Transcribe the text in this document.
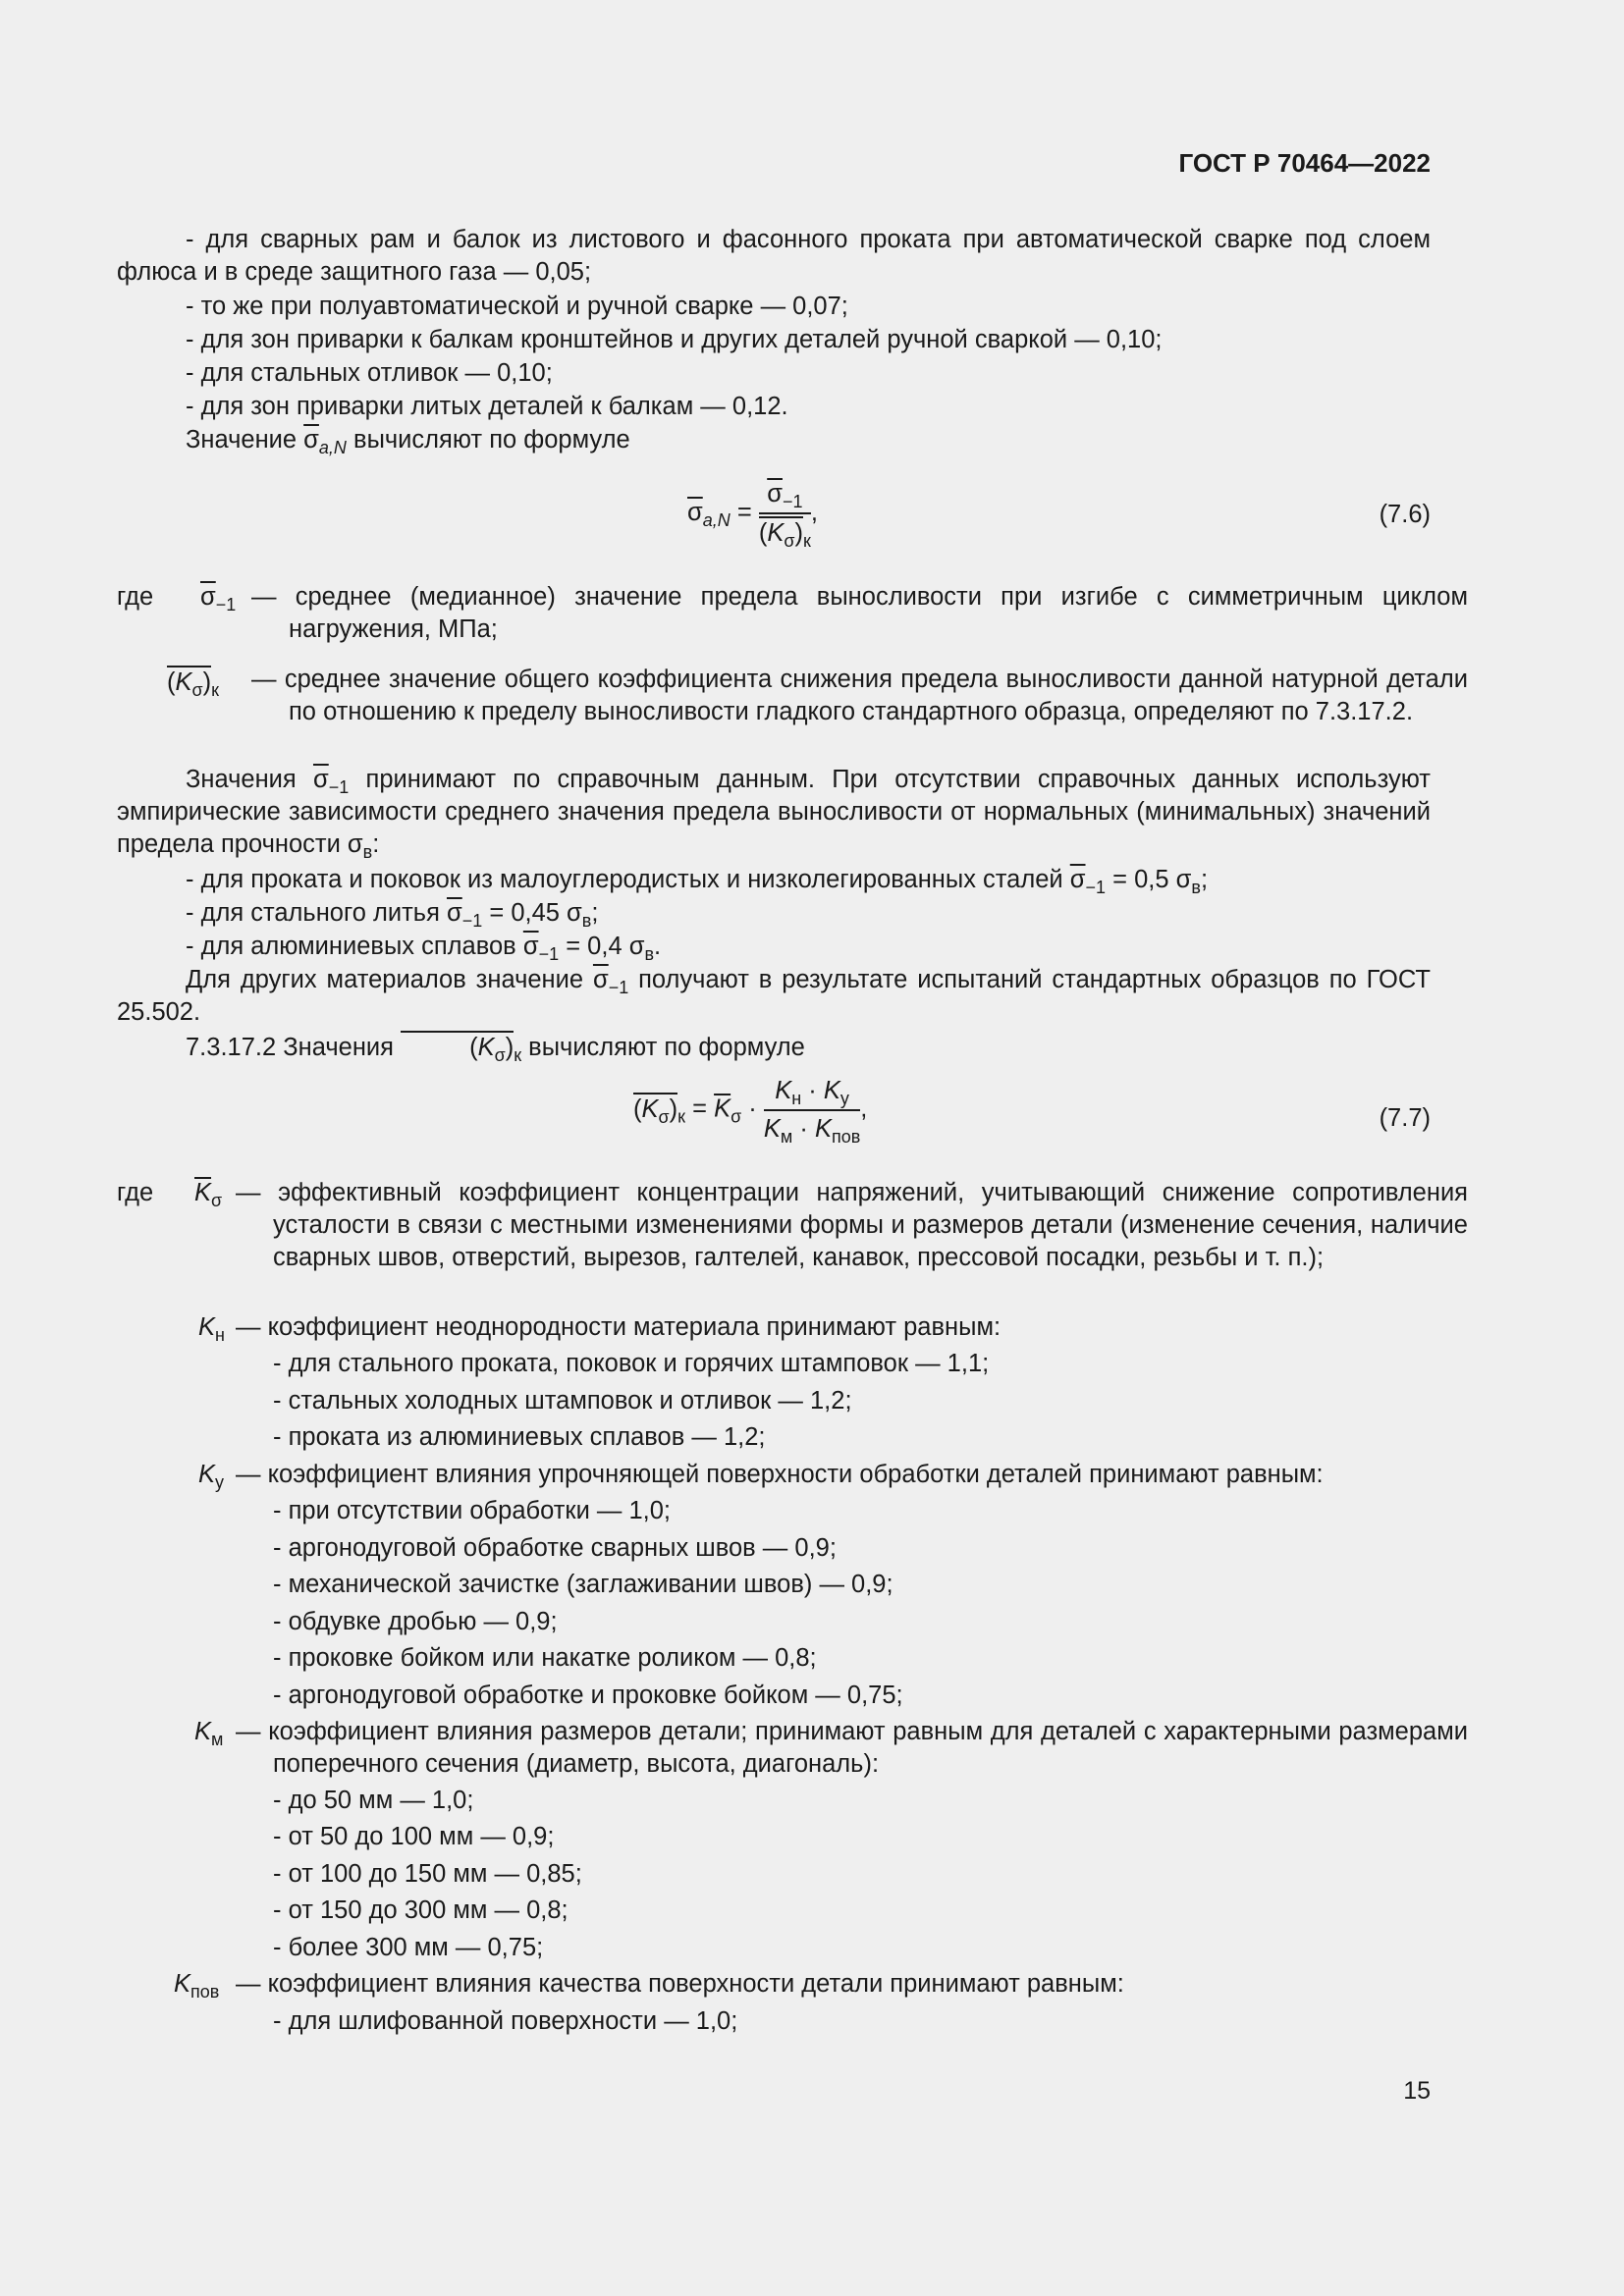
ГОСТ Р 70464—2022
- для сварных рам и балок из листового и фасонного проката при автоматической сварке под слоем флюса и в среде защитного газа — 0,05;
- то же при полуавтоматической и ручной сварке — 0,07;
- для зон приварки к балкам кронштейнов и других деталей ручной сваркой — 0,10;
- для стальных отливок — 0,10;
- для зон приварки литых деталей к балкам — 0,12.
Значение $\overline{\sigma}_{a,N}$ вычисляют по формуле
$\overline{\sigma}_{a,N} = \frac{\overline{\sigma}_{-1}}{(K_\sigma)_к}$ ,	(7.6)
где $\overline{\sigma}_{-1}$ — среднее (медианное) значение предела выносливости при изгибе с симметричным циклом нагружения, МПа;
$(K_\sigma)_к$ — среднее значение общего коэффициента снижения предела выносливости данной натурной детали по отношению к пределу выносливости гладкого стандартного образца, определяют по 7.3.17.2.
Значения $\overline{\sigma}_{-1}$ принимают по справочным данным. При отсутствии справочных данных используют эмпирические зависимости среднего значения предела выносливости от нормальных (минимальных) значений предела прочности $\sigma_в$:
- для проката и поковок из малоуглеродистых и низколегированных сталей $\overline{\sigma}_{-1} = 0,5$ $\sigma_в$;
- для стального литья $\overline{\sigma}_{-1} = 0,45$ $\sigma_в$;
- для алюминиевых сплавов $\overline{\sigma}_{-1} = 0,4$ $\sigma_в$.
Для других материалов значение $\overline{\sigma}_{-1}$ получают в результате испытаний стандартных образцов по ГОСТ 25.502.
7.3.17.2 Значения	$(K_\sigma)_к$ вычисляют по формуле
$(K_\sigma)_к = \overline{K}_\sigma \cdot \frac{K_н \cdot K_у}{K_м \cdot K_{пов}}$ ,	(7.7)
где $\overline{K}_\sigma$ — эффективный коэффициент концентрации напряжений, учитывающий снижение сопротивления усталости в связи с местными изменениями формы и размеров детали (изменение сечения, наличие сварных швов, отверстий, вырезов, галтелей, канавок, прессовой посадки, резьбы и т. п.);
$K_н$ — коэффициент неоднородности материала принимают равным:
- для стального проката, поковок и горячих штамповок — 1,1;
- стальных холодных штамповок и отливок — 1,2;
- проката из алюминиевых сплавов — 1,2;
$K_у$ — коэффициент влияния упрочняющей поверхности обработки деталей принимают равным:
- при отсутствии обработки — 1,0;
- аргонодуговой обработке сварных швов — 0,9;
- механической зачистке (заглаживании швов) — 0,9;
- обдувке дробью — 0,9;
- проковке бойком или накатке роликом — 0,8;
- аргонодуговой обработке и проковке бойком — 0,75;
$K_м$ — коэффициент влияния размеров детали; принимают равным для деталей с характерными размерами поперечного сечения (диаметр, высота, диагональ):
- до 50 мм — 1,0;
- от 50 до 100 мм — 0,9;
- от 100 до 150 мм — 0,85;
- от 150 до 300 мм — 0,8;
- более 300 мм — 0,75;
$K_{пов}$ — коэффициент влияния качества поверхности детали принимают равным:
- для шлифованной поверхности — 1,0;
15
